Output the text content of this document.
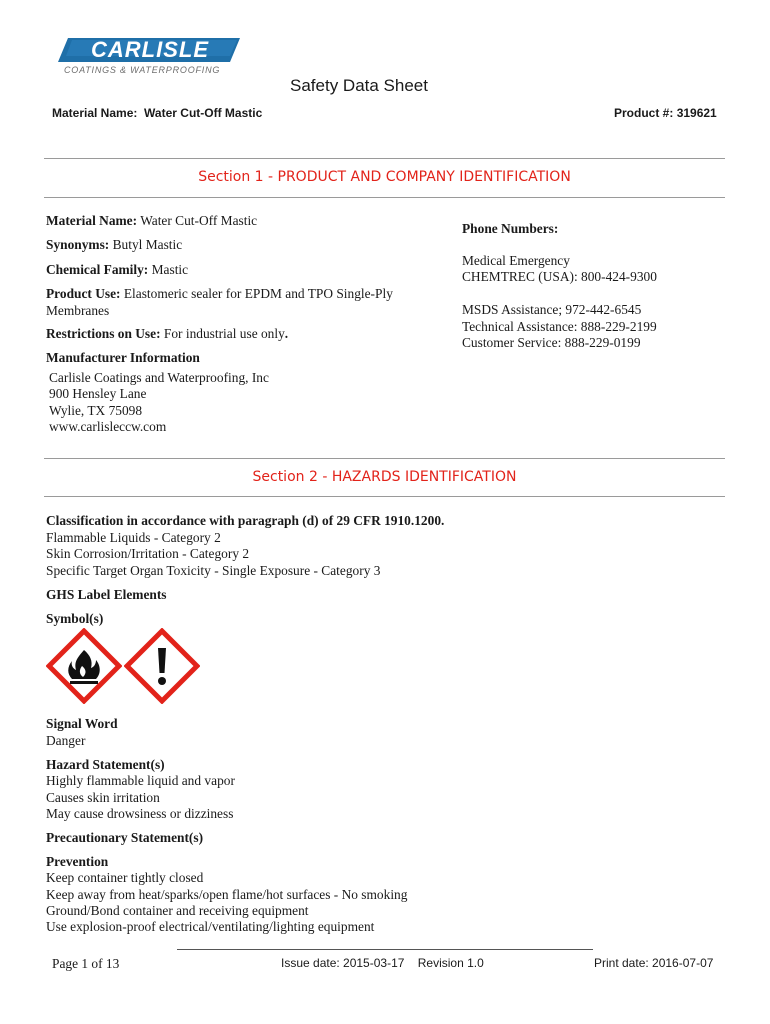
CARLISLE
COATINGS & WATERPROOFING
Safety Data Sheet
Material Name: Water Cut-Off Mastic	Product #: 319621
Section 1 - PRODUCT AND COMPANY IDENTIFICATION
Material Name: Water Cut-Off Mastic
Synonyms: Butyl Mastic
Chemical Family: Mastic
Product Use: Elastomeric sealer for EPDM and TPO Single-Ply
Membranes
Restrictions on Use: For industrial use only.
Manufacturer Information
Carlisle Coatings and Waterproofing, Inc
900 Hensley Lane
Wylie, TX 75098
www.carlisleccw.com
Phone Numbers:
Medical Emergency
CHEMTREC (USA): 800-424-9300
MSDS Assistance; 972-442-6545
Technical Assistance: 888-229-2199
Customer Service: 888-229-0199
Section 2 - HAZARDS IDENTIFICATION
Classification in accordance with paragraph (d) of 29 CFR 1910.1200.
Flammable Liquids - Category 2
Skin Corrosion/Irritation - Category 2
Specific Target Organ Toxicity - Single Exposure - Category 3
GHS Label Elements
Symbol(s)
Signal Word
Danger
Hazard Statement(s)
Highly flammable liquid and vapor
Causes skin irritation
May cause drowsiness or dizziness
Precautionary Statement(s)
Prevention
Keep container tightly closed
Keep away from heat/sparks/open flame/hot surfaces - No smoking
Ground/Bond container and receiving equipment
Use explosion-proof electrical/ventilating/lighting equipment
Page 1 of 13	Issue date: 2015-03-17    Revision 1.0	Print date: 2016-07-07
